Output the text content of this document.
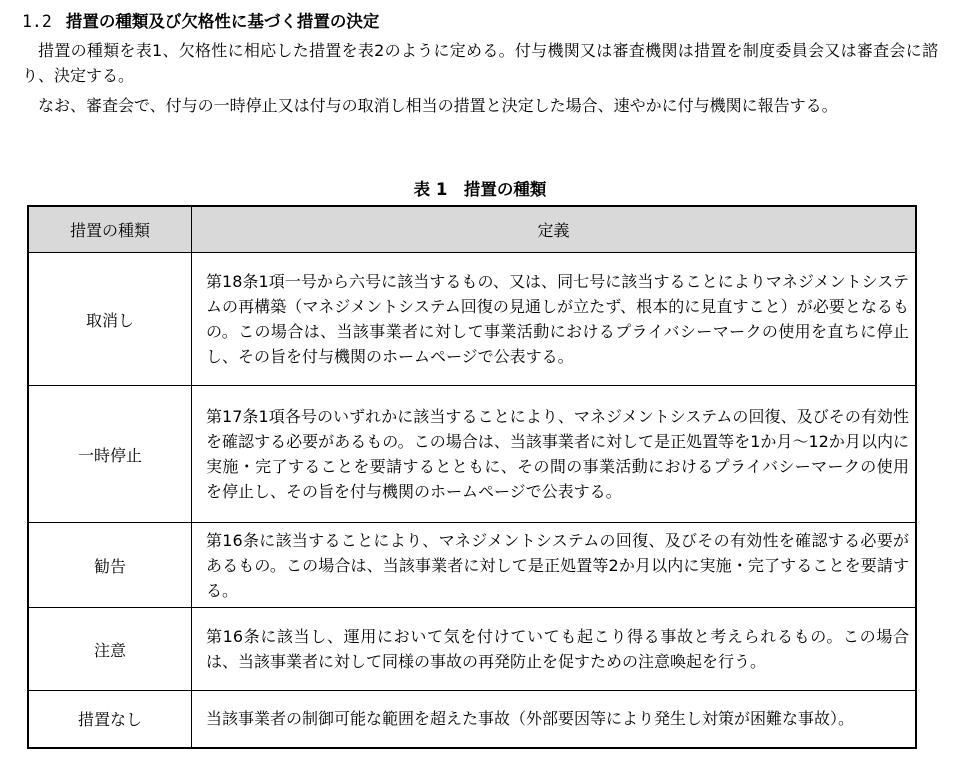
1.2 措置の種類及び欠格性に基づく措置の決定

措置の種類を表1、欠格性に相応した措置を表2のように定める。付与機関又は審査機関は措置を制度委員会又は審査会に諮り、決定する。

なお、審査会で、付与の一時停止又は付与の取消し相当の措置と決定した場合、速やかに付与機関に報告する。

表 1　措置の種類
措置の種類	定義
取消し	第18条1項一号から六号に該当するもの、又は、同七号に該当することによりマネジメントシステムの再構築（マネジメントシステム回復の見通しが立たず、根本的に見直すこと）が必要となるもの。この場合は、当該事業者に対して事業活動におけるプライバシーマークの使用を直ちに停止し、その旨を付与機関のホームページで公表する。
一時停止	第17条1項各号のいずれかに該当することにより、マネジメントシステムの回復、及びその有効性を確認する必要があるもの。この場合は、当該事業者に対して是正処置等を1か月〜12か月以内に実施・完了することを要請するとともに、その間の事業活動におけるプライバシーマークの使用を停止し、その旨を付与機関のホームページで公表する。
勧告	第16条に該当することにより、マネジメントシステムの回復、及びその有効性を確認する必要があるもの。この場合は、当該事業者に対して是正処置等2か月以内に実施・完了することを要請する。
注意	第16条に該当し、運用において気を付けていても起こり得る事故と考えられるもの。この場合は、当該事業者に対して同様の事故の再発防止を促すための注意喚起を行う。
措置なし	当該事業者の制御可能な範囲を超えた事故（外部要因等により発生し対策が困難な事故）。
